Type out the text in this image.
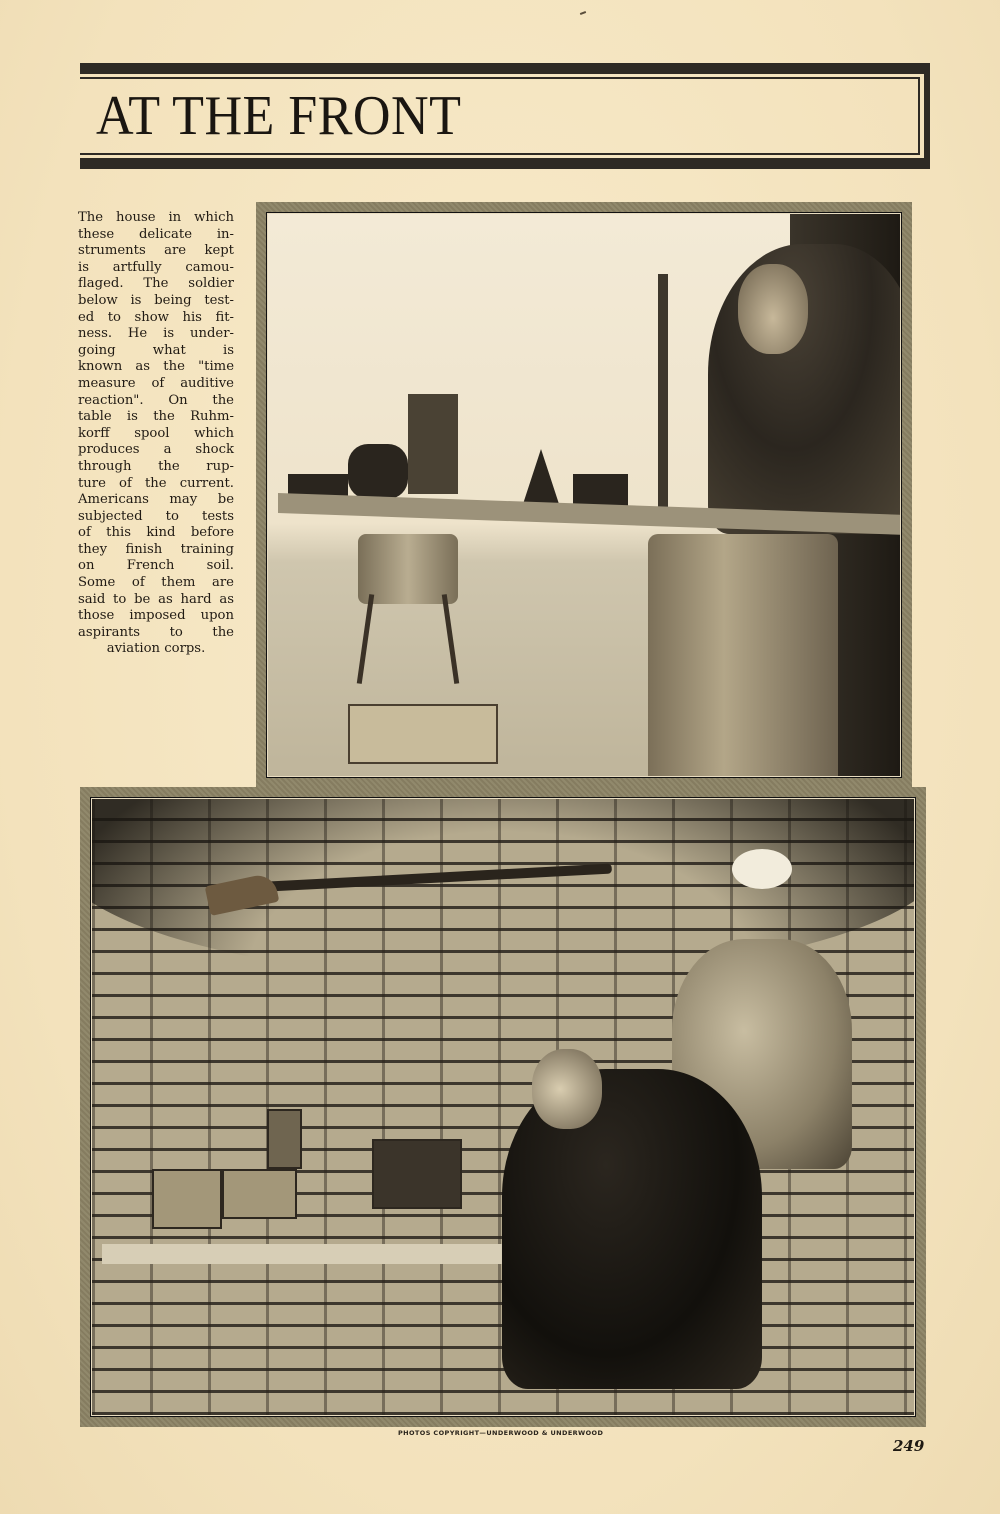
AT THE FRONT
The house in which
these delicate in-
struments are kept
is artfully camou-
flaged. The soldier
below is being test-
ed to show his fit-
ness. He is under-
going what is
known as the "time
measure of auditive
reaction". On the
table is the Ruhm-
korff spool which
produces a shock
through the rup-
ture of the current.
Americans may be
subjected to tests
of this kind before
they finish training
on French soil.
Some of them are
said to be as hard as
those imposed upon
aspirants to the
aviation corps.
PHOTOS COPYRIGHT—UNDERWOOD & UNDERWOOD
249
